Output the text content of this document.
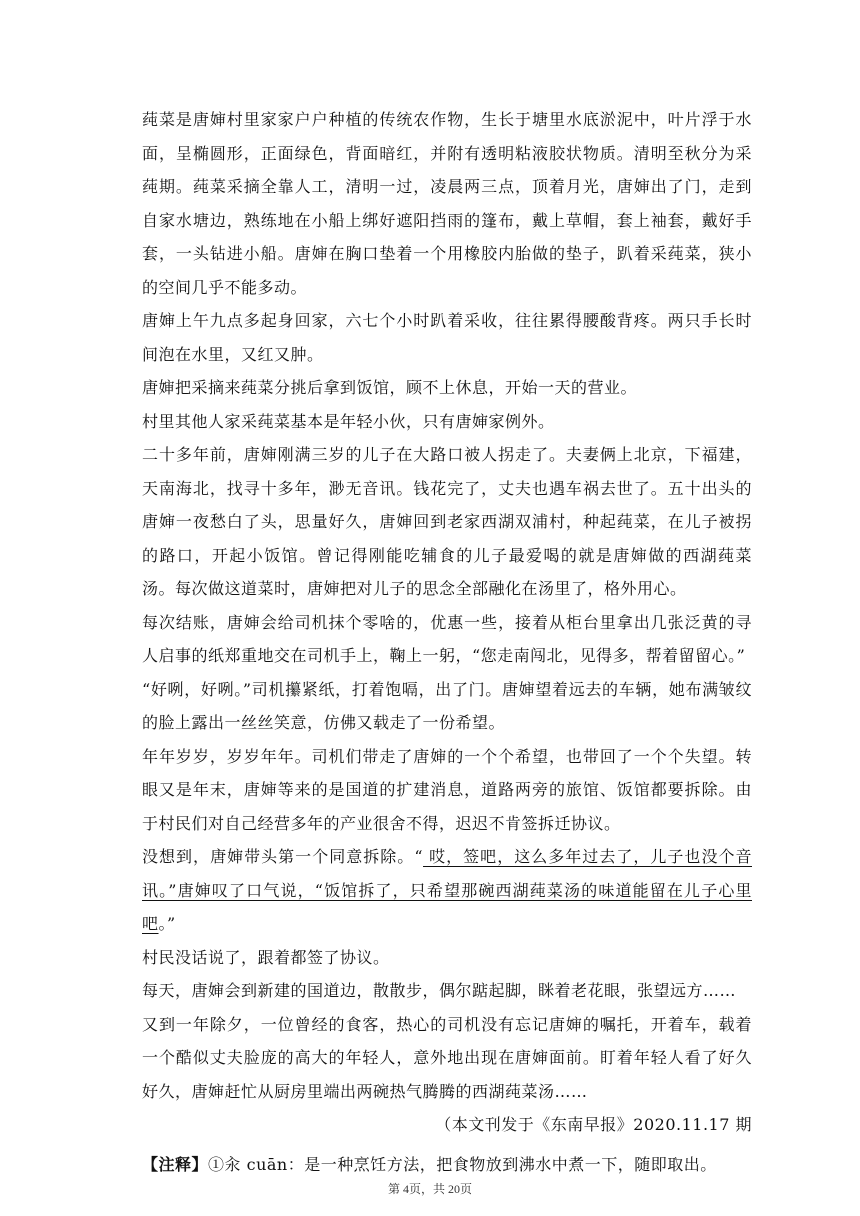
莼菜是唐婶村里家家户户种植的传统农作物，生长于塘里水底淤泥中，叶片浮于水面，呈椭圆形，正面绿色，背面暗红，并附有透明粘液胶状物质。清明至秋分为采莼期。莼菜采摘全靠人工，清明一过，凌晨两三点，顶着月光，唐婶出了门，走到自家水塘边，熟练地在小船上绑好遮阳挡雨的篷布，戴上草帽，套上袖套，戴好手套，一头钻进小船。唐婶在胸口垫着一个用橡胶内胎做的垫子，趴着采莼菜，狭小的空间几乎不能多动。

唐婶上午九点多起身回家，六七个小时趴着采收，往往累得腰酸背疼。两只手长时间泡在水里，又红又肿。

唐婶把采摘来莼菜分挑后拿到饭馆，顾不上休息，开始一天的营业。

村里其他人家采莼菜基本是年轻小伙，只有唐婶家例外。

二十多年前，唐婶刚满三岁的儿子在大路口被人拐走了。夫妻俩上北京，下福建，天南海北，找寻十多年，渺无音讯。钱花完了，丈夫也遇车祸去世了。五十出头的唐婶一夜愁白了头，思量好久，唐婶回到老家西湖双浦村，种起莼菜，在儿子被拐的路口，开起小饭馆。曾记得刚能吃辅食的儿子最爱喝的就是唐婶做的西湖莼菜汤。每次做这道菜时，唐婶把对儿子的思念全部融化在汤里了，格外用心。

每次结账，唐婶会给司机抹个零啥的，优惠一些，接着从柜台里拿出几张泛黄的寻人启事的纸郑重地交在司机手上，鞠上一躬，“您走南闯北，见得多，帮着留留心。”

“好咧，好咧。”司机攥紧纸，打着饱嗝，出了门。唐婶望着远去的车辆，她布满皱纹的脸上露出一丝丝笑意，仿佛又载走了一份希望。

年年岁岁，岁岁年年。司机们带走了唐婶的一个个希望，也带回了一个个失望。转眼又是年末，唐婶等来的是国道的扩建消息，道路两旁的旅馆、饭馆都要拆除。由于村民们对自己经营多年的产业很舍不得，迟迟不肯签拆迁协议。

没想到，唐婶带头第一个同意拆除。“ 哎，签吧，这么多年过去了，儿子也没个音讯。”唐婶叹了口气说，“饭馆拆了，只希望那碗西湖莼菜汤的味道能留在儿子心里吧。”

村民没话说了，跟着都签了协议。

每天，唐婶会到新建的国道边，散散步，偶尔踮起脚，眯着老花眼，张望远方……

又到一年除夕，一位曾经的食客，热心的司机没有忘记唐婶的嘱托，开着车，载着一个酷似丈夫脸庞的高大的年轻人，意外地出现在唐婶面前。盯着年轻人看了好久好久，唐婶赶忙从厨房里端出两碗热气腾腾的西湖莼菜汤……

（本文刊发于《东南早报》2020.11.17 期

【注释】①汆 cuān：是一种烹饪方法，把食物放到沸水中煮一下，随即取出。

第 4页，共 20页
